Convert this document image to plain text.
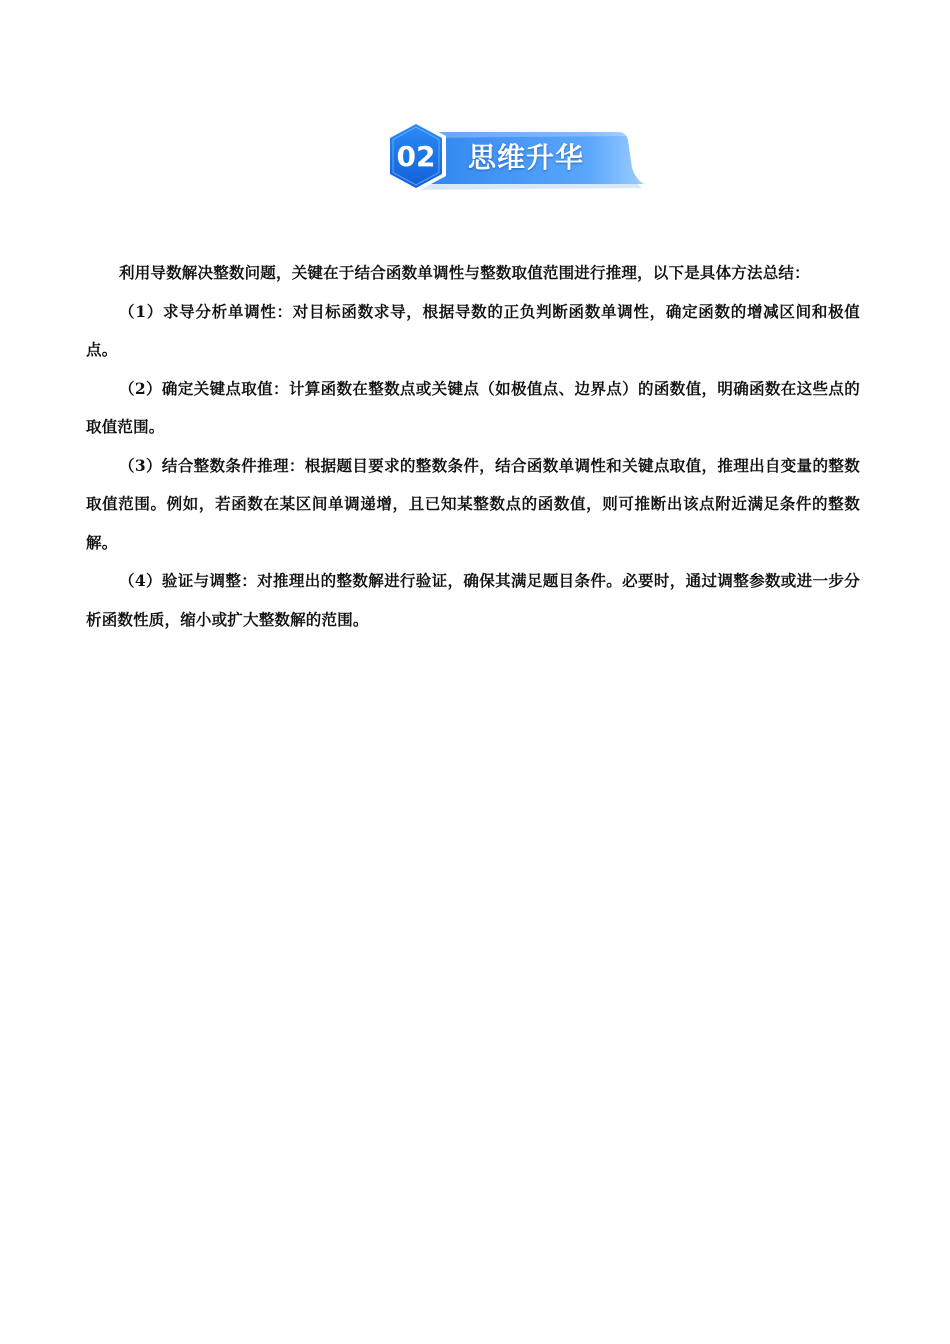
02	思维升华

利用导数解决整数问题，关键在于结合函数单调性与整数取值范围进行推理，以下是具体方法总结：

（1）求导分析单调性：对目标函数求导，根据导数的正负判断函数单调性，确定函数的增减区间和极值点。

（2）确定关键点取值：计算函数在整数点或关键点（如极值点、边界点）的函数值，明确函数在这些点的取值范围。

（3）结合整数条件推理：根据题目要求的整数条件，结合函数单调性和关键点取值，推理出自变量的整数取值范围。例如，若函数在某区间单调递增，且已知某整数点的函数值，则可推断出该点附近满足条件的整数解。

（4）验证与调整：对推理出的整数解进行验证，确保其满足题目条件。必要时，通过调整参数或进一步分析函数性质，缩小或扩大整数解的范围。
